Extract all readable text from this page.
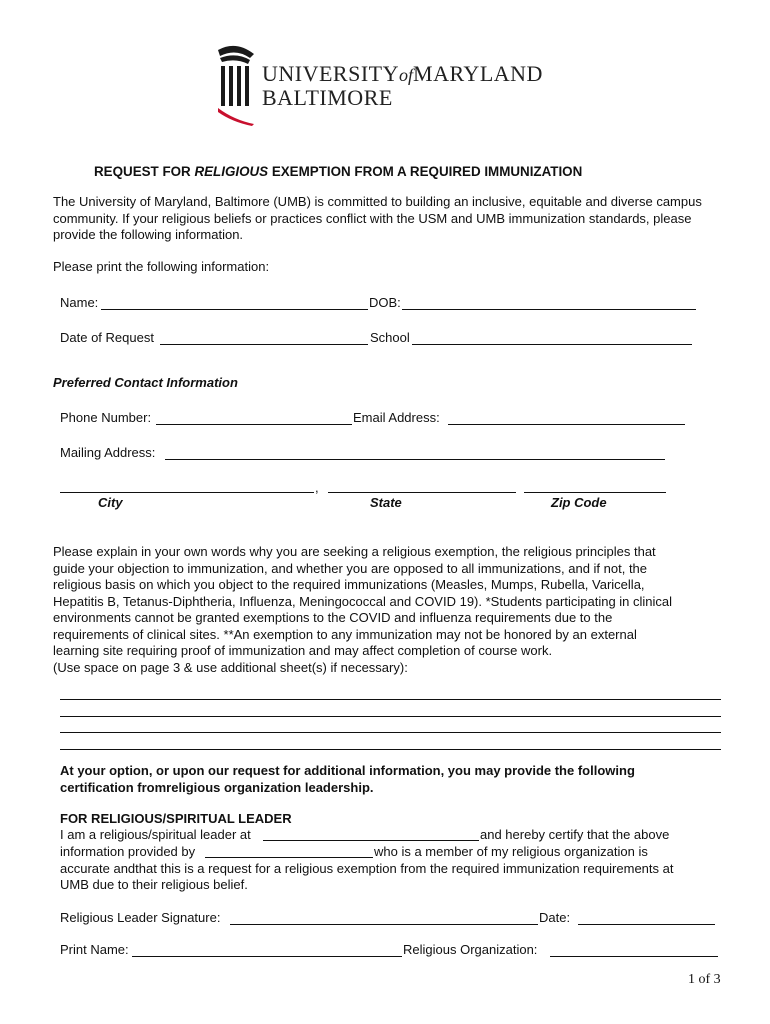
UNIVERSITYofMARYLAND
BALTIMORE
REQUEST FOR RELIGIOUS EXEMPTION FROM A REQUIRED IMMUNIZATION
The University of Maryland, Baltimore (UMB) is committed to building an inclusive, equitable and diverse campus community. If your religious beliefs or practices conflict with the USM and UMB immunization standards, please provide the following information.
Please print the following information:
Name:	DOB:
Date of Request	School
Preferred Contact Information
Phone Number:	Email Address:
Mailing Address:
,
City	State	Zip Code
Please explain in your own words why you are seeking a religious exemption, the religious principles that
guide your objection to immunization, and whether you are opposed to all immunizations, and if not, the
religious basis on which you object to the required immunizations (Measles, Mumps, Rubella, Varicella,
Hepatitis B, Tetanus-Diphtheria, Influenza, Meningococcal and COVID 19). *Students participating in clinical
environments cannot be granted exemptions to the COVID and influenza requirements due to the
requirements of clinical sites. **An exemption to any immunization may not be honored by an external
learning site requiring proof of immunization and may affect completion of course work.
(Use space on page 3 & use additional sheet(s) if necessary):
At your option, or upon our request for additional information, you may provide the following
certification fromreligious organization leadership.
FOR RELIGIOUS/SPIRITUAL LEADER
I am a religious/spiritual leader at	and hereby certify that the above
information provided by	who is a member of my religious organization is
accurate andthat this is a request for a religious exemption from the required immunization requirements at
UMB due to their religious belief.
Religious Leader Signature:	Date:
Print Name:	Religious Organization:
1 of 3
